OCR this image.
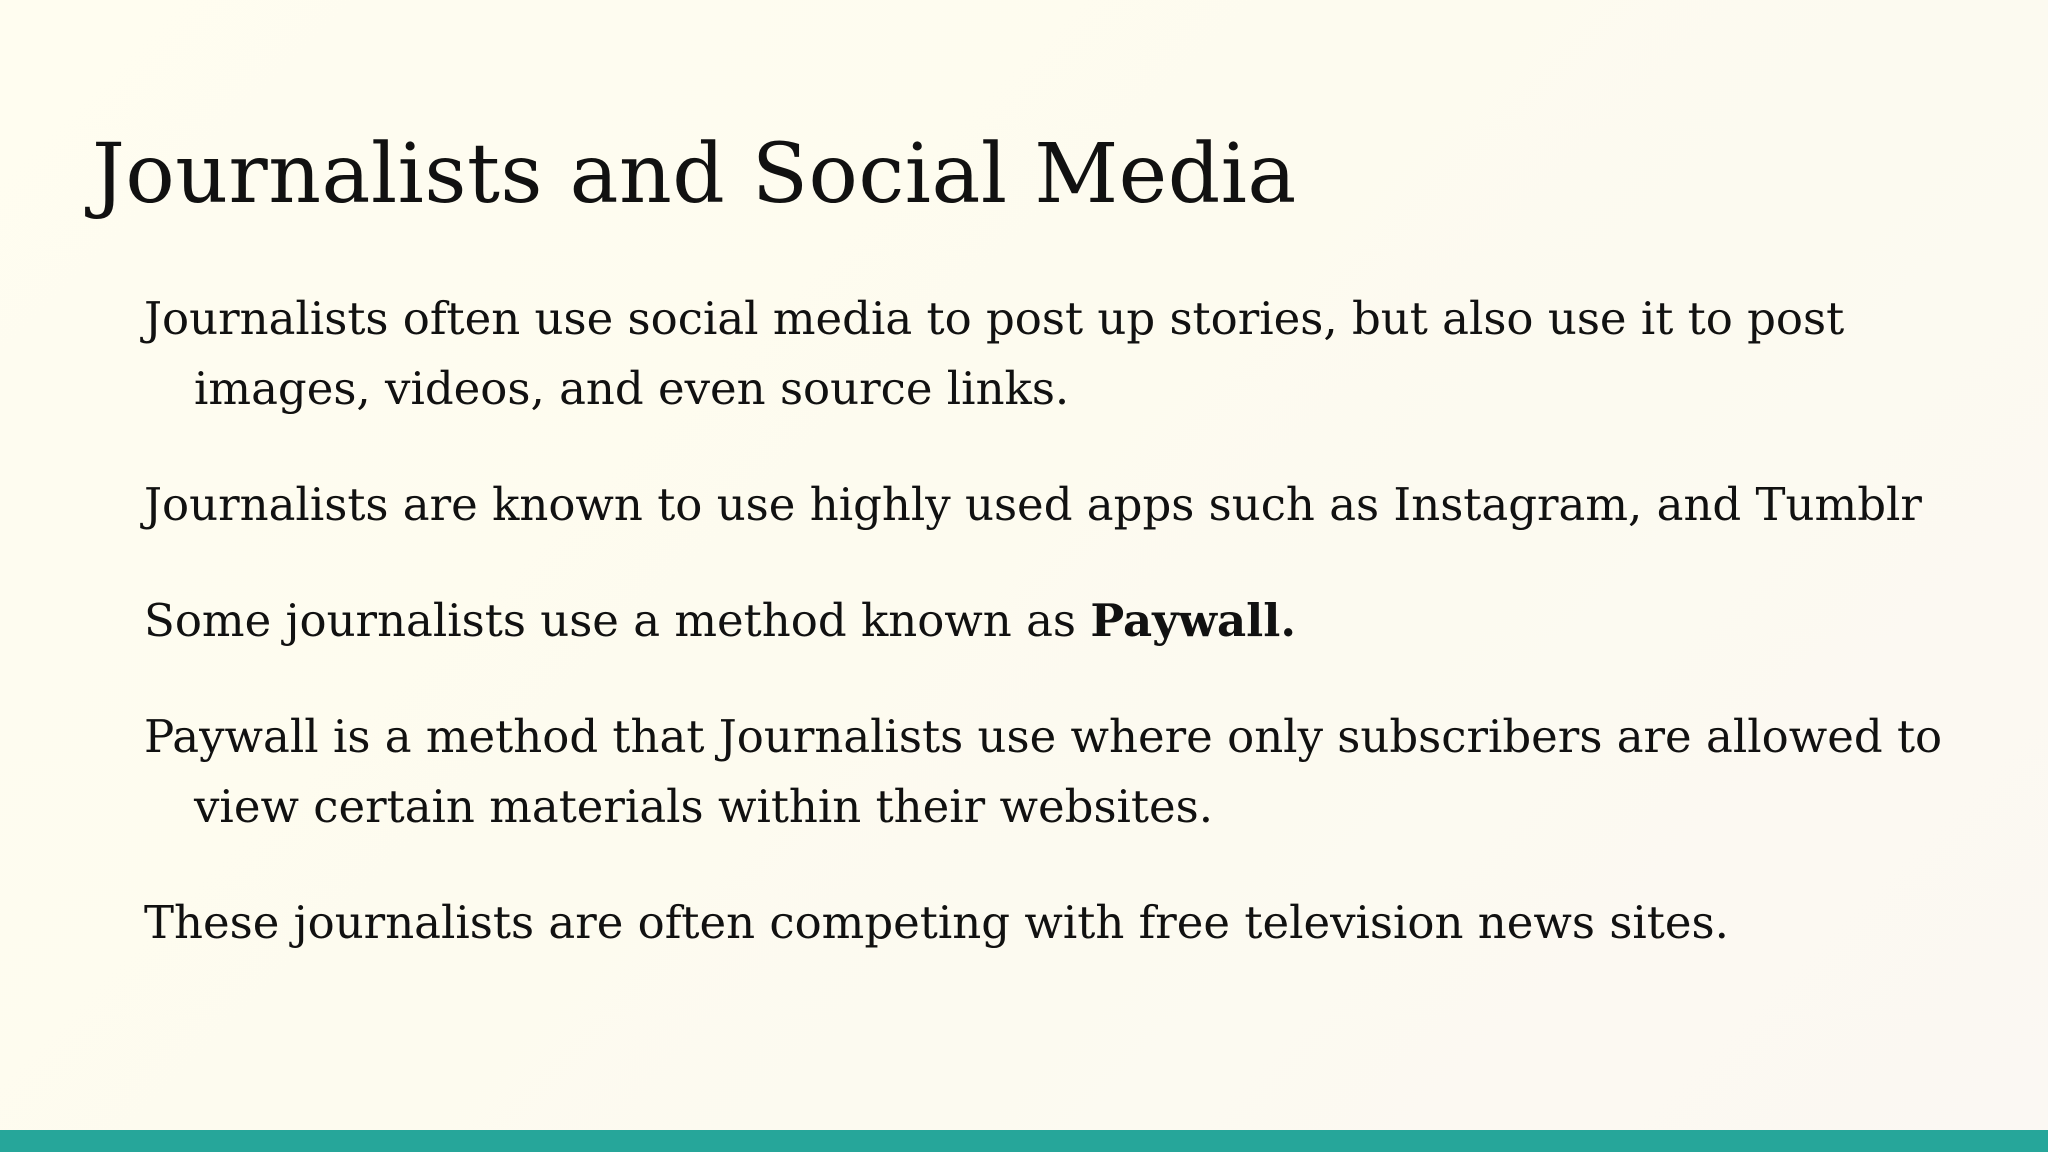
Journalists and Social Media
Journalists often use social media to post up stories, but also use it to post images, videos, and even source links.
Journalists are known to use highly used apps such as Instagram, and Tumblr
Some journalists use a method known as Paywall.
Paywall is a method that Journalists use where only subscribers are allowed to view certain materials within their websites.
These journalists are often competing with free television news sites.
